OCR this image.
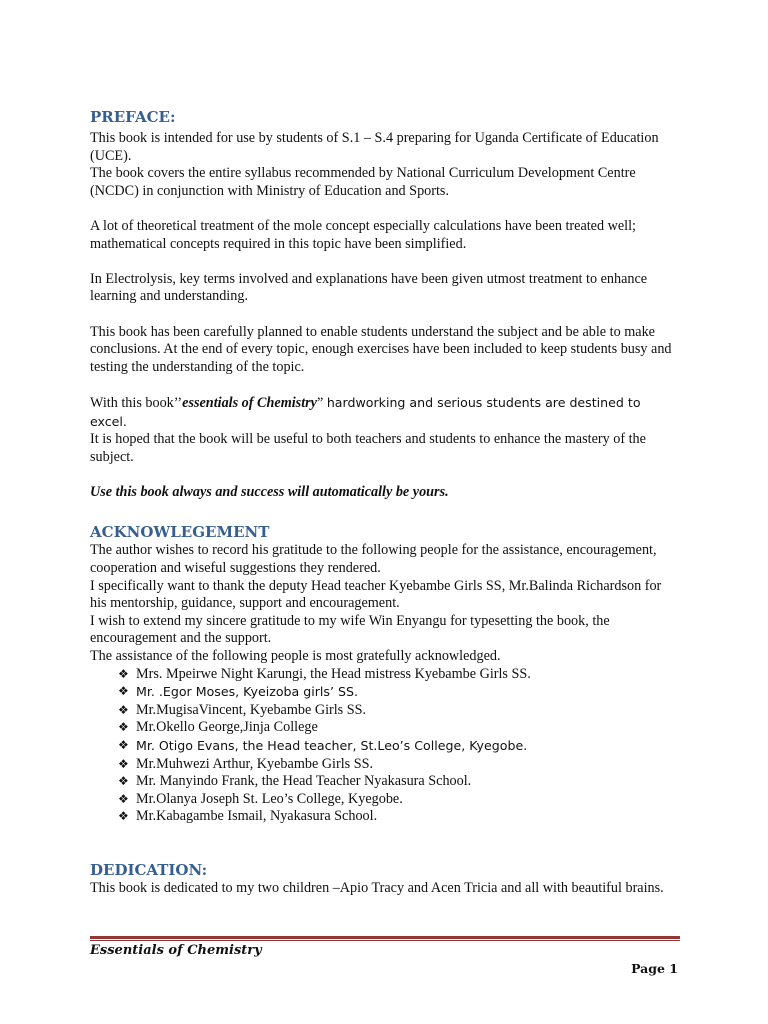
PREFACE:

This book is intended for use by students of S.1 – S.4 preparing for Uganda Certificate of Education (UCE).

The book covers the entire syllabus recommended by National Curriculum Development Centre (NCDC) in conjunction with Ministry of Education and Sports.

A lot of theoretical treatment of the mole concept especially calculations have been treated well; mathematical concepts required in this topic have been simplified.

In Electrolysis, key terms involved and explanations have been given utmost treatment to enhance learning and understanding.

This book has been carefully planned to enable students understand the subject and be able to make conclusions. At the end of every topic, enough exercises have been included to keep students busy and testing the understanding of the topic.

With this book’’essentials of Chemistry” hardworking and serious students are destined to excel.

It is hoped that the book will be useful to both teachers and students to enhance the mastery of the subject.

Use this book always and success will automatically be yours.

ACKNOWLEGEMENT

The author wishes to record his gratitude to the following people for the assistance, encouragement, cooperation and wiseful suggestions they rendered.

I specifically want to thank the deputy Head teacher Kyebambe Girls SS, Mr.Balinda Richardson for his mentorship, guidance, support and encouragement.

I wish to extend my sincere gratitude to my wife Win Enyangu for typesetting the book, the encouragement and the support.

The assistance of the following people is most gratefully acknowledged.

❖ Mrs. Mpeirwe Night Karungi, the Head mistress Kyebambe Girls SS.
❖ Mr. .Egor Moses, Kyeizoba girls’ SS.
❖ Mr.MugisaVincent, Kyebambe Girls SS.
❖ Mr.Okello George,Jinja College
❖ Mr. Otigo Evans, the Head teacher, St.Leo’s College, Kyegobe.
❖ Mr.Muhwezi Arthur, Kyebambe Girls SS.
❖ Mr. Manyindo Frank, the Head Teacher Nyakasura School.
❖ Mr.Olanya Joseph St. Leo’s College, Kyegobe.
❖ Mr.Kabagambe Ismail, Nyakasura School.
DEDICATION:

This book is dedicated to my two children –Apio Tracy and Acen Tricia and all with beautiful brains.

Essentials of Chemistry
Page 1
